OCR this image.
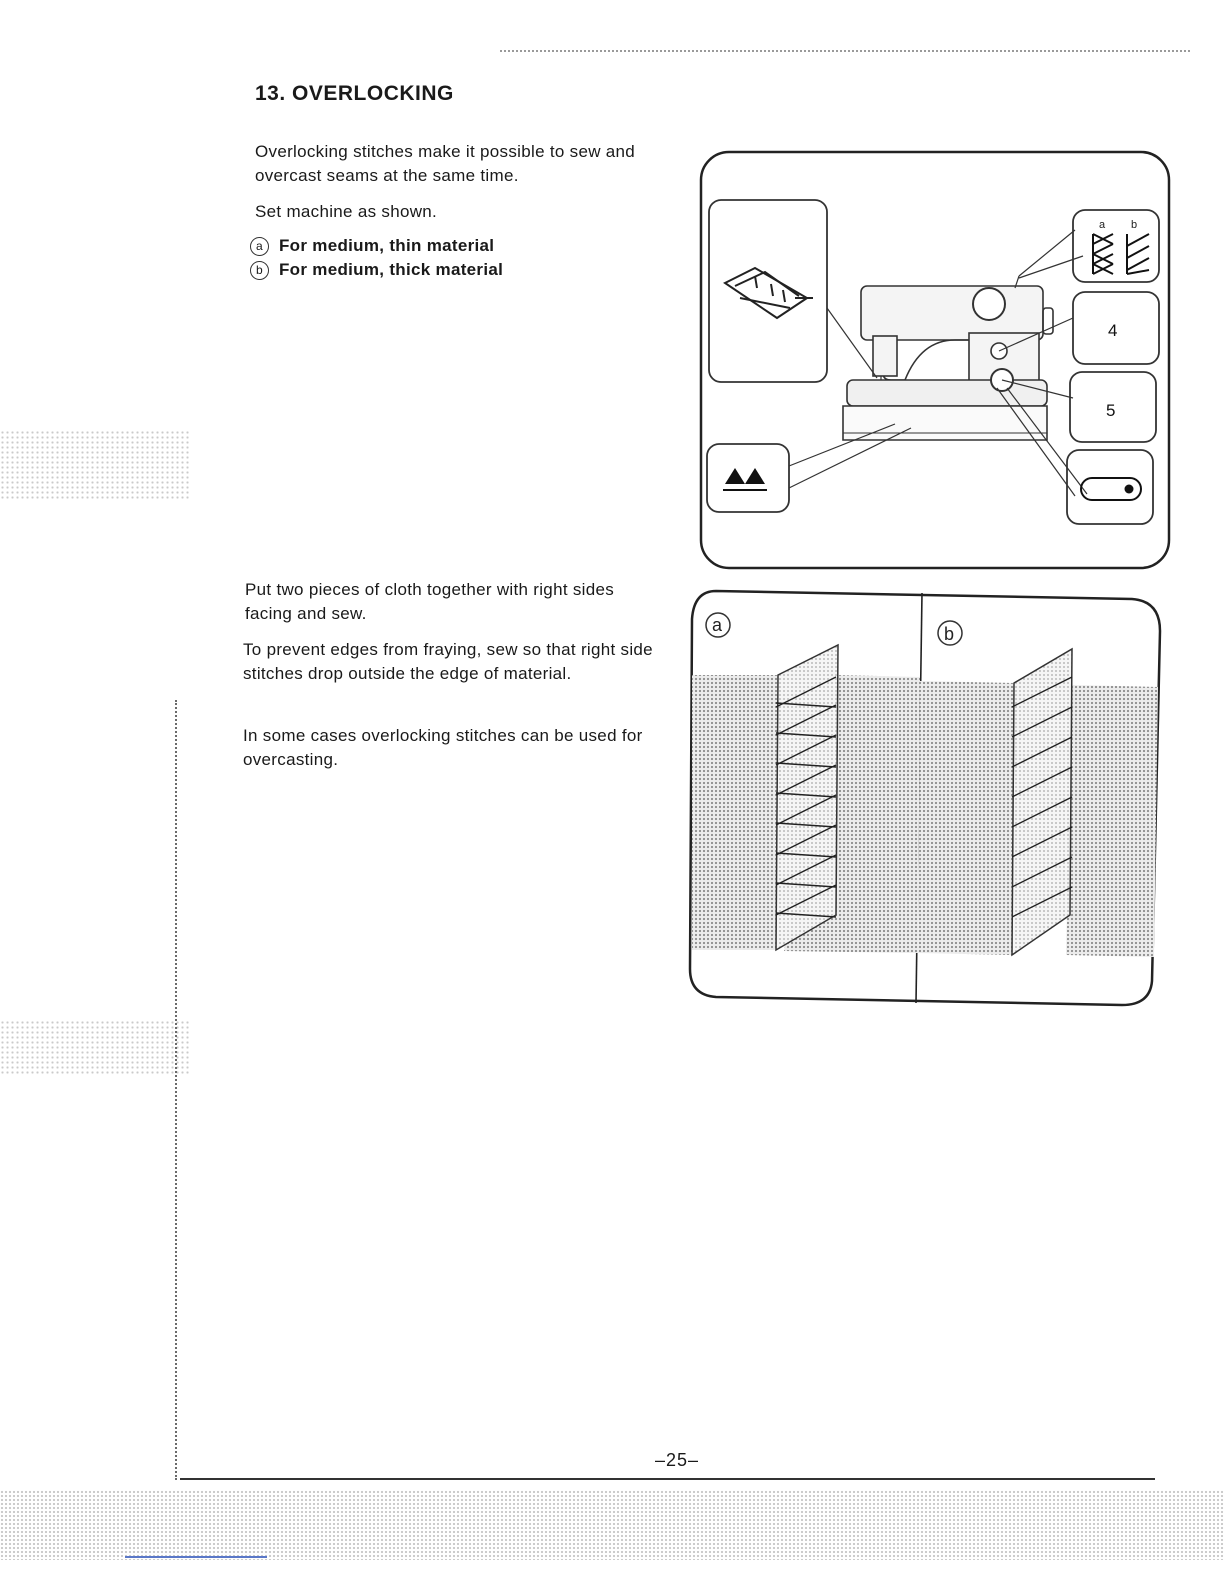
13. OVERLOCKING

Overlocking stitches make it possible to sew and overcast seams at the same time.

Set machine as shown.

a For medium, thin material
b For medium, thick material
a b
4
5
a	b

Put two pieces of cloth together with right sides facing and sew.

To prevent edges from fraying, sew so that right side stitches drop outside the edge of material.

In some cases overlocking stitches can be used for overcasting.

–25–
